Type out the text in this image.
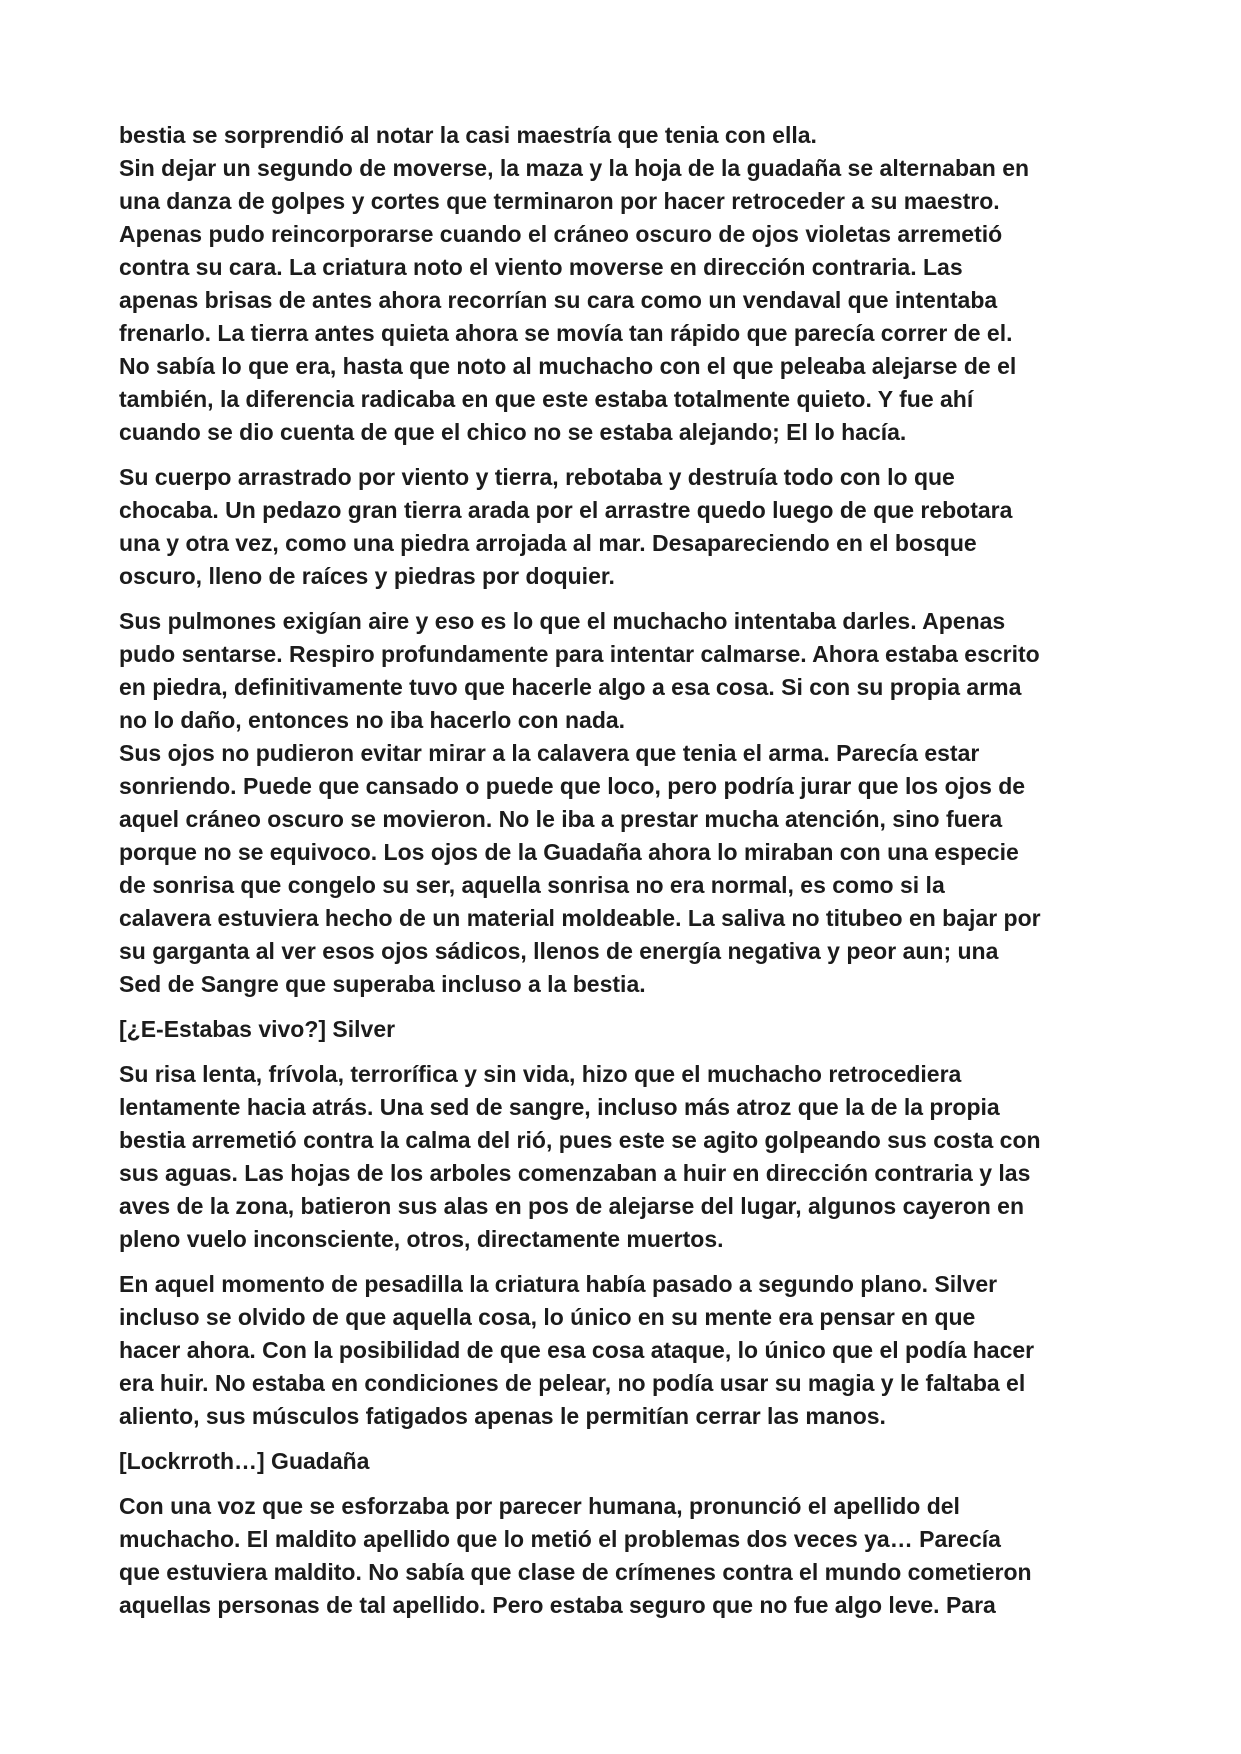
bestia se sorprendió al notar la casi maestría que tenia con ella.
Sin dejar un segundo de moverse, la maza y la hoja de la guadaña se alternaban en
una danza de golpes y cortes que terminaron por hacer retroceder a su maestro.
Apenas pudo reincorporarse cuando el cráneo oscuro de ojos violetas arremetió
contra su cara. La criatura noto el viento moverse en dirección contraria. Las
apenas brisas de antes ahora recorrían su cara como un vendaval que intentaba
frenarlo. La tierra antes quieta ahora se movía tan rápido que parecía correr de el.
No sabía lo que era, hasta que noto al muchacho con el que peleaba alejarse de el
también, la diferencia radicaba en que este estaba totalmente quieto. Y fue ahí
cuando se dio cuenta de que el chico no se estaba alejando; El lo hacía.
Su cuerpo arrastrado por viento y tierra, rebotaba y destruía todo con lo que
chocaba. Un pedazo gran tierra arada por el arrastre quedo luego de que rebotara
una y otra vez, como una piedra arrojada al mar. Desapareciendo en el bosque
oscuro, lleno de raíces y piedras por doquier.
Sus pulmones exigían aire y eso es lo que el muchacho intentaba darles. Apenas
pudo sentarse. Respiro profundamente para intentar calmarse. Ahora estaba escrito
en piedra, definitivamente tuvo que hacerle algo a esa cosa. Si con su propia arma
no lo daño, entonces no iba hacerlo con nada.
Sus ojos no pudieron evitar mirar a la calavera que tenia el arma. Parecía estar
sonriendo. Puede que cansado o puede que loco, pero podría jurar que los ojos de
aquel cráneo oscuro se movieron. No le iba a prestar mucha atención, sino fuera
porque no se equivoco. Los ojos de la Guadaña ahora lo miraban con una especie
de sonrisa que congelo su ser, aquella sonrisa no era normal, es como si la
calavera estuviera hecho de un material moldeable. La saliva no titubeo en bajar por
su garganta al ver esos ojos sádicos, llenos de energía negativa y peor aun; una
Sed de Sangre que superaba incluso a la bestia.
[¿E-Estabas vivo?] Silver
Su risa lenta, frívola, terrorífica y sin vida, hizo que el muchacho retrocediera
lentamente hacia atrás. Una sed de sangre, incluso más atroz que la de la propia
bestia arremetió contra la calma del rió, pues este se agito golpeando sus costa con
sus aguas. Las hojas de los arboles comenzaban a huir en dirección contraria y las
aves de la zona, batieron sus alas en pos de alejarse del lugar, algunos cayeron en
pleno vuelo inconsciente, otros, directamente muertos.
En aquel momento de pesadilla la criatura había pasado a segundo plano. Silver
incluso se olvido de que aquella cosa, lo único en su mente era pensar en que
hacer ahora. Con la posibilidad de que esa cosa ataque, lo único que el podía hacer
era huir. No estaba en condiciones de pelear, no podía usar su magia y le faltaba el
aliento, sus músculos fatigados apenas le permitían cerrar las manos.
[Lockrroth…] Guadaña
Con una voz que se esforzaba por parecer humana, pronunció el apellido del
muchacho. El maldito apellido que lo metió el problemas dos veces ya… Parecía
que estuviera maldito. No sabía que clase de crímenes contra el mundo cometieron
aquellas personas de tal apellido. Pero estaba seguro que no fue algo leve. Para
